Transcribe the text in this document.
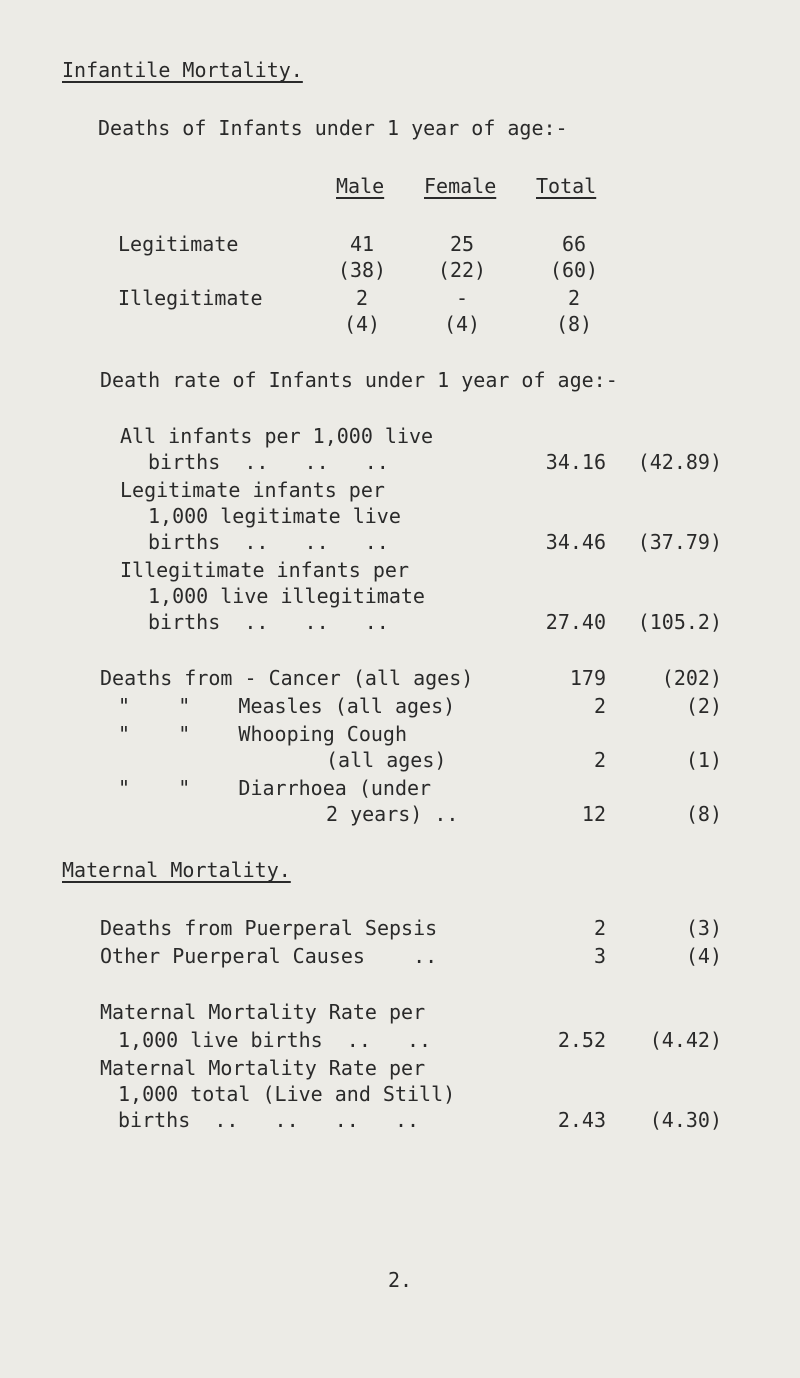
Infantile Mortality.
Deaths of Infants under 1 year of age:-
Male Female Total
Legitimate	41	25	66
(38)	(22)	(60)
Illegitimate	2	-	2
(4)	(4)	(8)
Death rate of Infants under 1 year of age:-
All infants per 1,000 live
births  ..   ..   ..	34.16	(42.89)
Legitimate infants per
1,000 legitimate live
births  ..   ..   ..	34.46	(37.79)
Illegitimate infants per
1,000 live illegitimate
births  ..   ..   ..	27.40	(105.2)
Deaths from - Cancer (all ages)	179	(202)
"    "    Measles (all ages)	2	(2)
"    "    Whooping Cough
(all ages)	2	(1)
"    "    Diarrhoea (under
2 years) ..	12	(8)
Maternal Mortality.
Deaths from Puerperal Sepsis	2	(3)
Other Puerperal Causes    ..	3	(4)
Maternal Mortality Rate per
1,000 live births  ..   ..	2.52	(4.42)
Maternal Mortality Rate per
1,000 total (Live and Still)
births  ..   ..   ..   ..	2.43	(4.30)
2.
